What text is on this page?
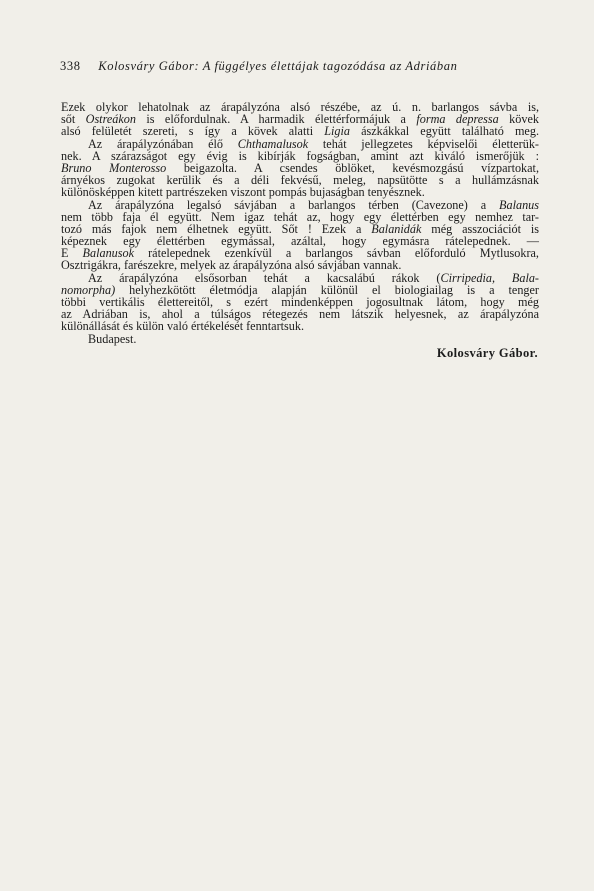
338 Kolosváry Gábor: A függélyes élettájak tagozódása az Adriában
Ezek olykor lehatolnak az árapályzóna alsó részébe, az ú. n. barlangos sávba is,
sőt Ostreákon is előfordulnak. A harmadik élettérformájuk a forma depressa kövek
alsó felületét szereti, s így a kövek alatti Ligia ászkákkal együtt található meg.
Az árapályzónában élő Chthamalusok tehát jellegzetes képviselői életterük-
nek. A szárazságot egy évig is kibírják fogságban, amint azt kiváló ismerőjük :
Bruno Monterosso beigazolta. A csendes öblöket, kevésmozgású vízpartokat,
árnyékos zugokat kerülik és a déli fekvésű, meleg, napsütötte s a hullámzásnak
különösképpen kitett partrészeken viszont pompás bujaságban tenyésznek.
Az árapályzóna legalsó sávjában a barlangos térben (Cavezone) a Balanus
nem több faja él együtt. Nem igaz tehát az, hogy egy élettérben egy nemhez tar-
tozó más fajok nem élhetnek együtt. Sőt ! Ezek a Balanidák még asszociációt is
képeznek egy élettérben egymással, azáltal, hogy egymásra rátelepednek. —
E Balanusok rátelepednek ezenkívül a barlangos sávban előforduló Mytlusokra,
Osztrigákra, farészekre, melyek az árapályzóna alsó sávjában vannak.
Az árapályzóna elsősorban tehát a kacsalábú rákok (Cirripedia, Bala-
nomorpha) helyhezkötött életmódja alapján különül el biologiailag is a tenger
többi vertikális élettereitől, s ezért mindenképpen jogosultnak látom, hogy még
az Adriában is, ahol a túlságos rétegezés nem látszik helyesnek, az árapályzóna
különállását és külön való értékelését fenntartsuk.
Budapest.
Kolosváry Gábor.
